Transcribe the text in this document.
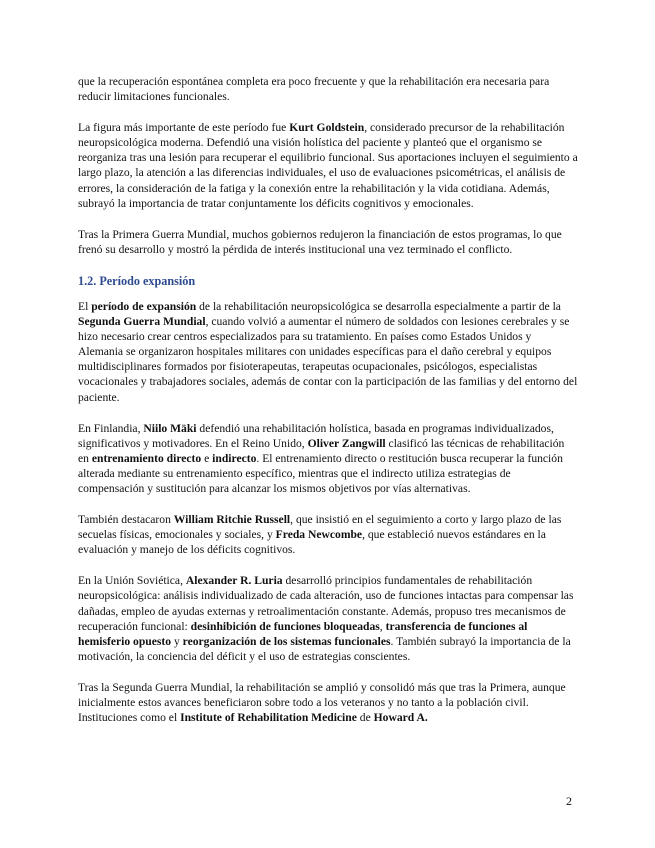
que la recuperación espontánea completa era poco frecuente y que la rehabilitación era necesaria para reducir limitaciones funcionales.

La figura más importante de este período fue Kurt Goldstein, considerado precursor de la rehabilitación neuropsicológica moderna. Defendió una visión holística del paciente y planteó que el organismo se reorganiza tras una lesión para recuperar el equilibrio funcional. Sus aportaciones incluyen el seguimiento a largo plazo, la atención a las diferencias individuales, el uso de evaluaciones psicométricas, el análisis de errores, la consideración de la fatiga y la conexión entre la rehabilitación y la vida cotidiana. Además, subrayó la importancia de tratar conjuntamente los déficits cognitivos y emocionales.

Tras la Primera Guerra Mundial, muchos gobiernos redujeron la financiación de estos programas, lo que frenó su desarrollo y mostró la pérdida de interés institucional una vez terminado el conflicto.

1.2. Período expansión

El período de expansión de la rehabilitación neuropsicológica se desarrolla especialmente a partir de la Segunda Guerra Mundial, cuando volvió a aumentar el número de soldados con lesiones cerebrales y se hizo necesario crear centros especializados para su tratamiento. En países como Estados Unidos y Alemania se organizaron hospitales militares con unidades específicas para el daño cerebral y equipos multidisciplinares formados por fisioterapeutas, terapeutas ocupacionales, psicólogos, especialistas vocacionales y trabajadores sociales, además de contar con la participación de las familias y del entorno del paciente.

En Finlandia, Niilo Mäki defendió una rehabilitación holística, basada en programas individualizados, significativos y motivadores. En el Reino Unido, Oliver Zangwill clasificó las técnicas de rehabilitación en entrenamiento directo e indirecto. El entrenamiento directo o restitución busca recuperar la función alterada mediante su entrenamiento específico, mientras que el indirecto utiliza estrategias de compensación y sustitución para alcanzar los mismos objetivos por vías alternativas.

También destacaron William Ritchie Russell, que insistió en el seguimiento a corto y largo plazo de las secuelas físicas, emocionales y sociales, y Freda Newcombe, que estableció nuevos estándares en la evaluación y manejo de los déficits cognitivos.

En la Unión Soviética, Alexander R. Luria desarrolló principios fundamentales de rehabilitación neuropsicológica: análisis individualizado de cada alteración, uso de funciones intactas para compensar las dañadas, empleo de ayudas externas y retroalimentación constante. Además, propuso tres mecanismos de recuperación funcional: desinhibición de funciones bloqueadas, transferencia de funciones al hemisferio opuesto y reorganización de los sistemas funcionales. También subrayó la importancia de la motivación, la conciencia del déficit y el uso de estrategias conscientes.

Tras la Segunda Guerra Mundial, la rehabilitación se amplió y consolidó más que tras la Primera, aunque inicialmente estos avances beneficiaron sobre todo a los veteranos y no tanto a la población civil. Instituciones como el Institute of Rehabilitation Medicine de Howard A.

2
